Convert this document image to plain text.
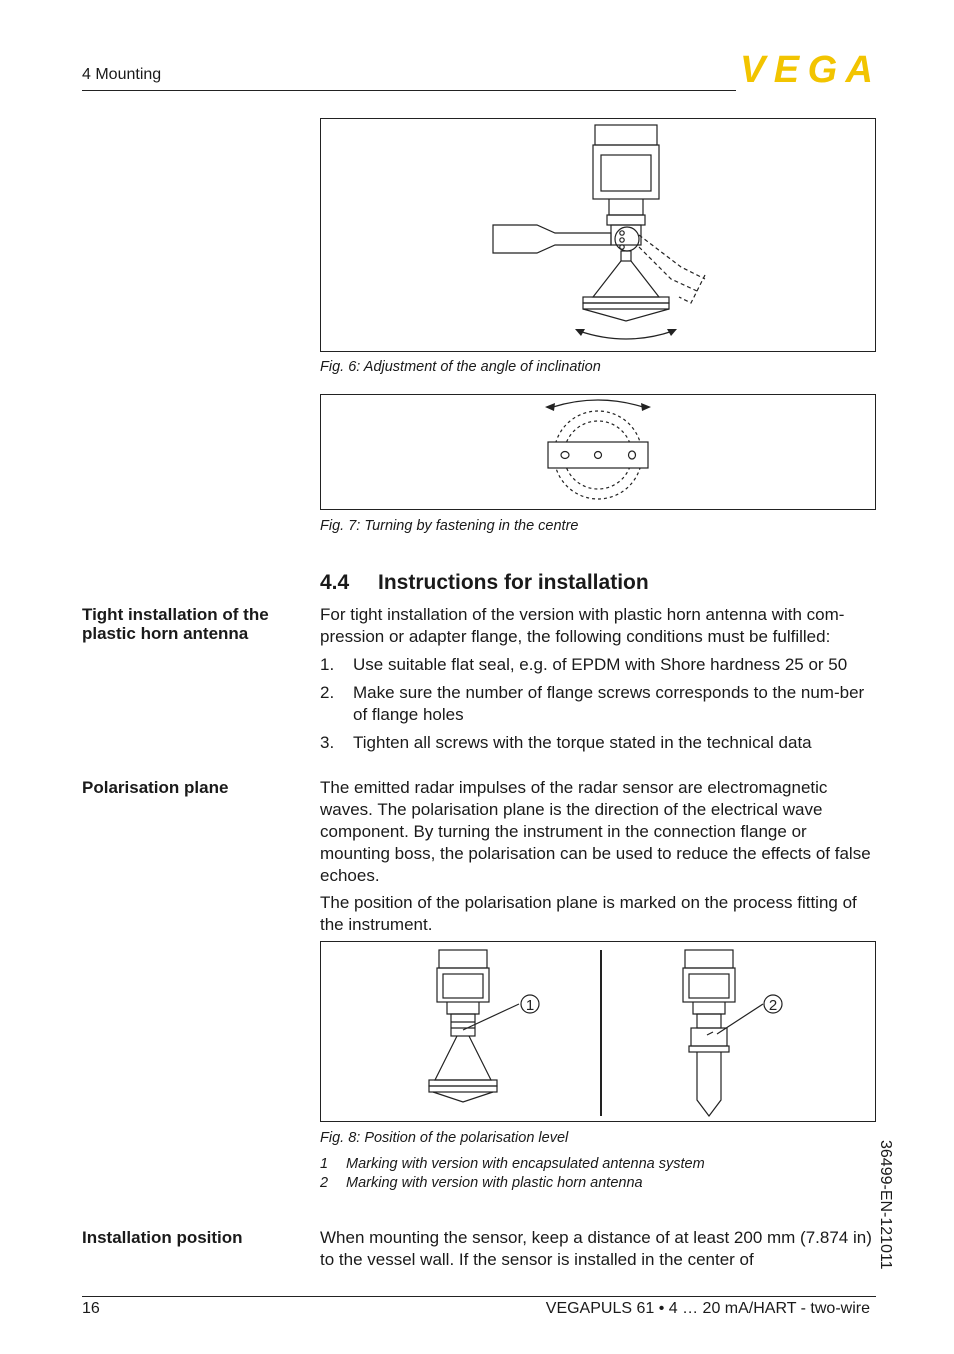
4 Mounting	VEGA
Fig. 6: Adjustment of the angle of inclination
Fig. 7: Turning by fastening in the centre
4.4 Instructions for installation
Tight installation of the plastic horn antenna
For tight installation of the version with plastic horn antenna with com-pression or adapter flange, the following conditions must be fulfilled:
1. Use suitable flat seal, e.g. of EPDM with Shore hardness 25 or 50
2. Make sure the number of flange screws corresponds to the num-ber of flange holes
3. Tighten all screws with the torque stated in the technical data
Polarisation plane	The emitted radar impulses of the radar sensor are electromagnetic waves. The polarisation plane is the direction of the electrical wave component. By turning the instrument in the connection flange or mounting boss, the polarisation can be used to reduce the effects of false echoes.
The position of the polarisation plane is marked on the process fitting of the instrument.
1	2
Fig. 8: Position of the polarisation level
1 Marking with version with encapsulated antenna system
2 Marking with version with plastic horn antenna
Installation position	When mounting the sensor, keep a distance of at least 200 mm (7.874 in) to the vessel wall. If the sensor is installed in the center of	36499-EN-121011
16	VEGAPULS 61 • 4 … 20 mA/HART - two-wire
